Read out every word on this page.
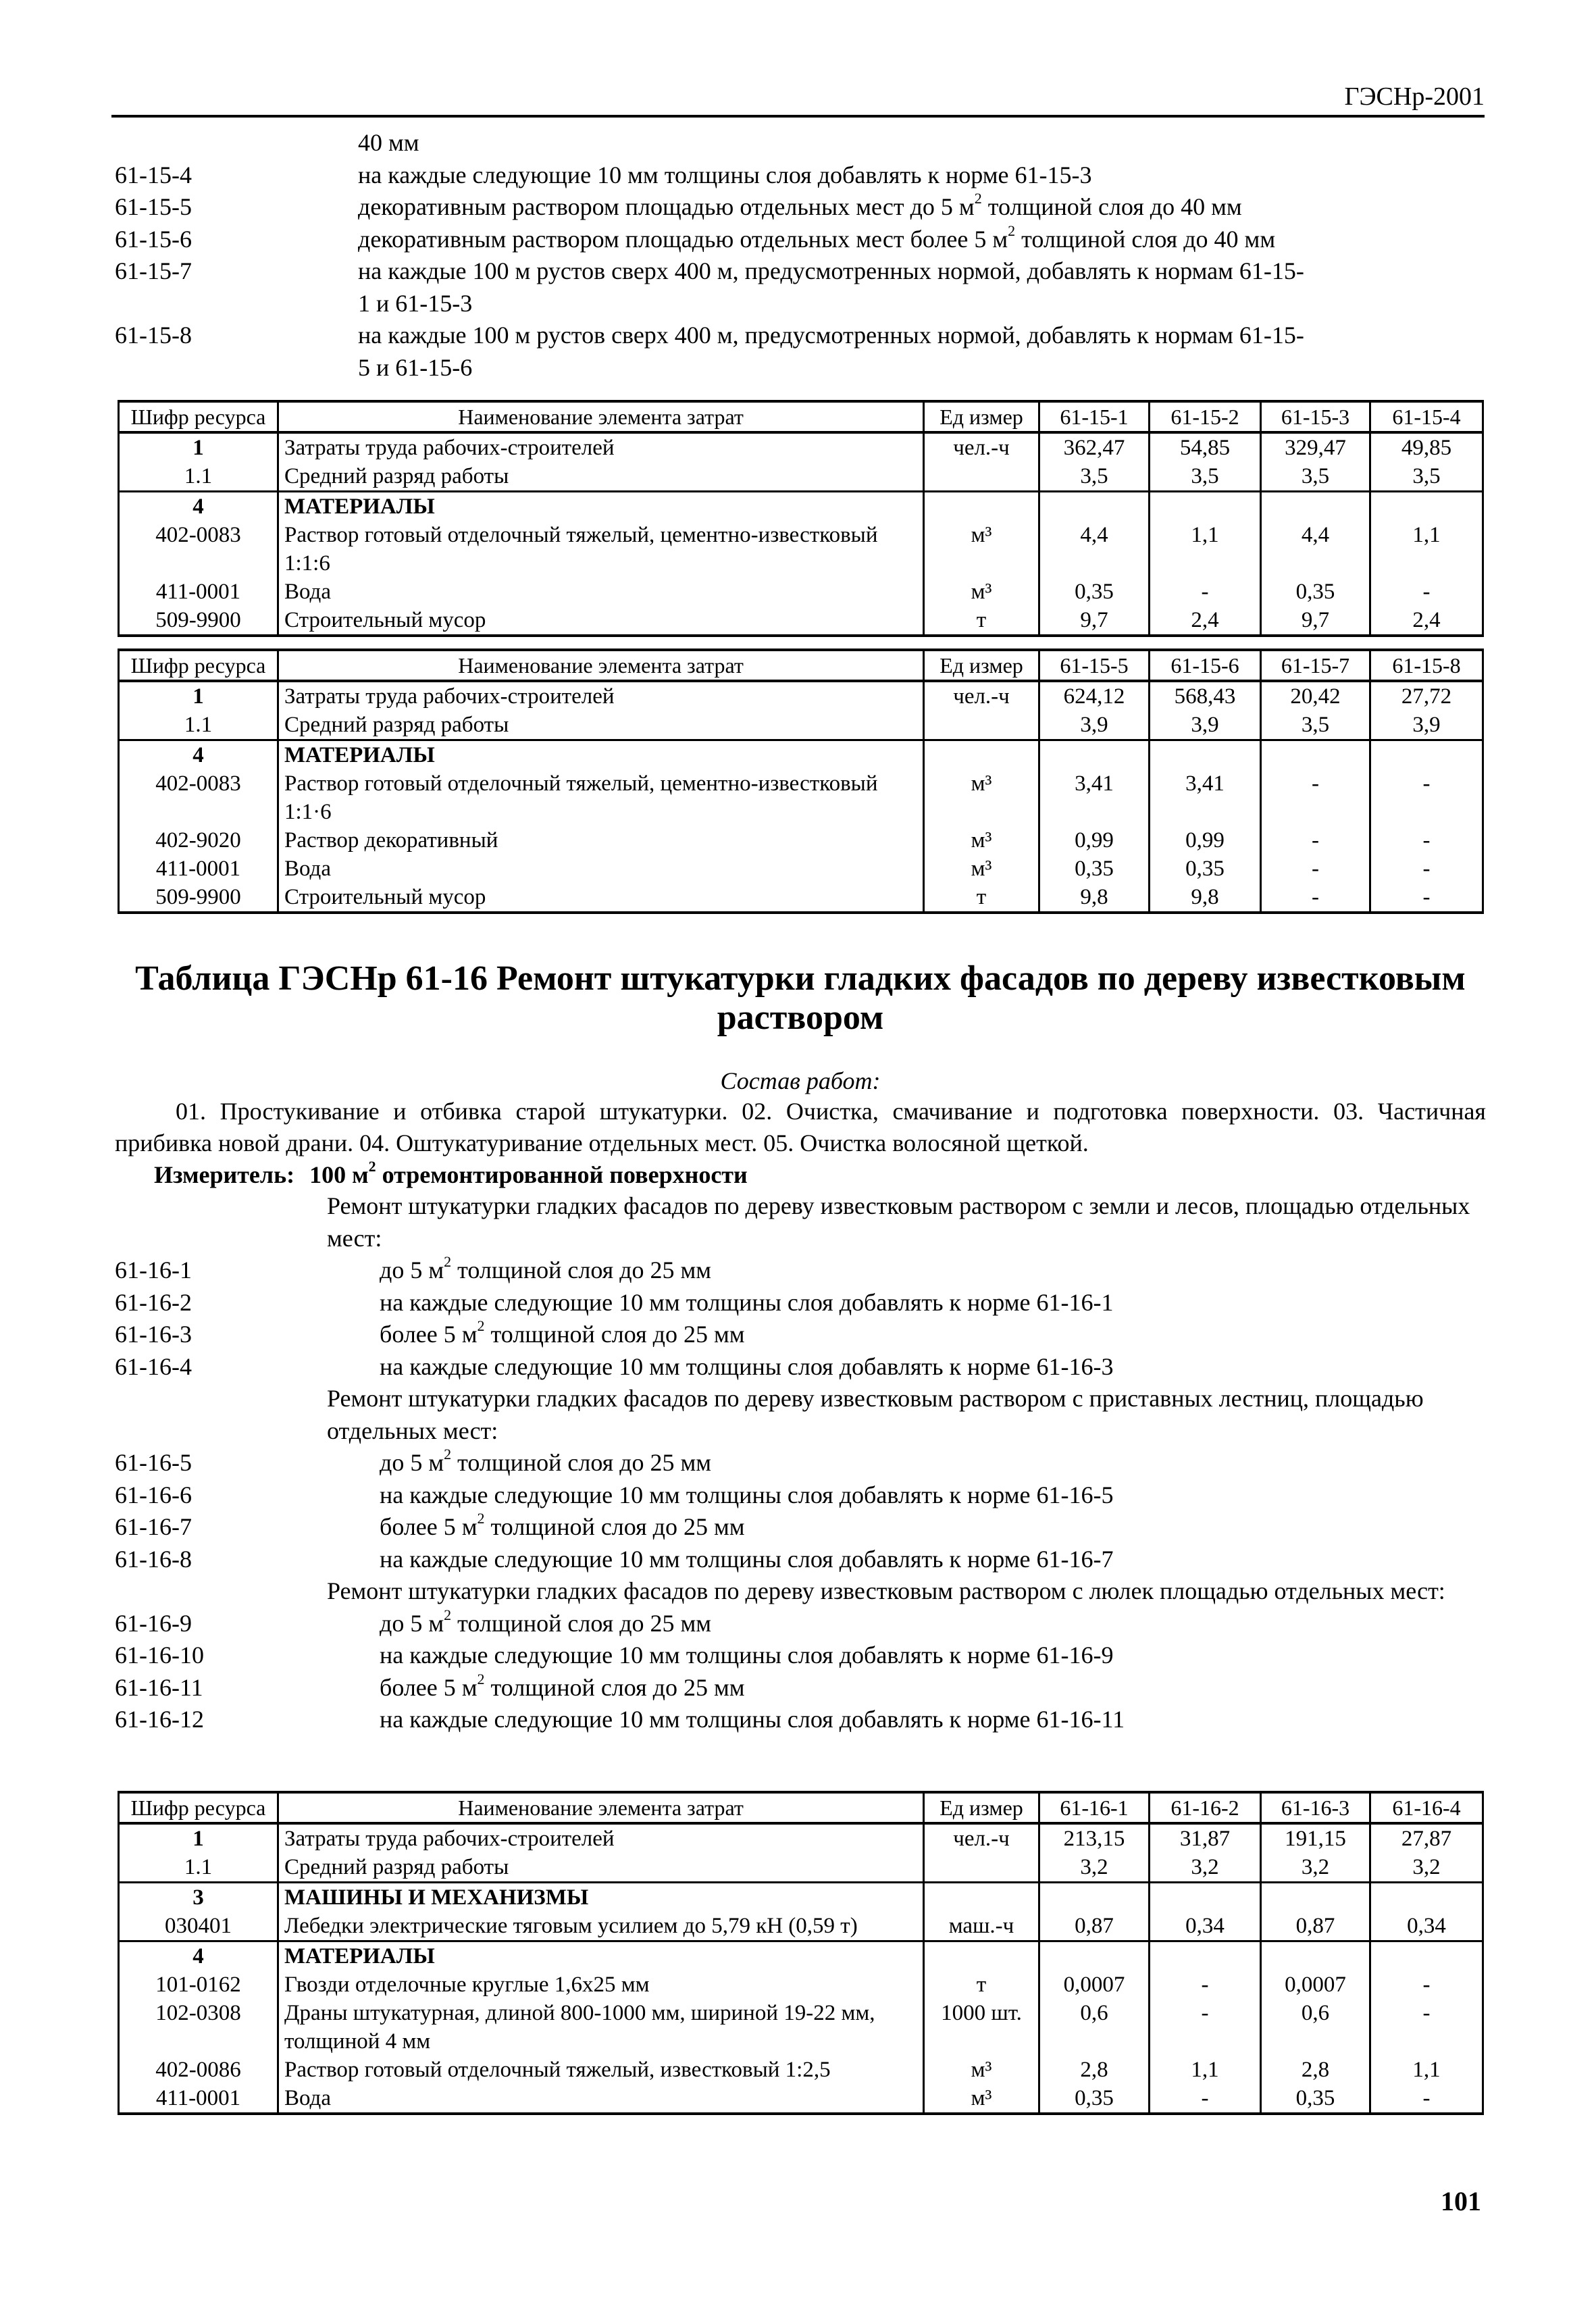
ГЭСНр-2001
40 мм
61-15-4	на каждые следующие 10 мм толщины слоя добавлять к норме 61-15-3
61-15-5	декоративным раствором площадью отдельных мест до 5 $м^2$ толщиной слоя до 40 мм
61-15-6	декоративным раствором площадью отдельных мест более 5 $м^2$ толщиной слоя до 40 мм
61-15-7	на каждые 100 м рустов сверх 400 м, предусмотренных нормой, добавлять к нормам 61-15-
1 и 61-15-3
61-15-8	на каждые 100 м рустов сверх 400 м, предусмотренных нормой, добавлять к нормам 61-15-
5 и 61-15-6
Шифр ресурса	Наименование элемента затрат	Ед измер	61-15-1	61-15-2	61-15-3	61-15-4
1	Затраты труда рабочих-строителей	чел.-ч	362,47	54,85	329,47	49,85
1.1	Средний разряд работы		3,5	3,5	3,5	3,5
4	МАТЕРИАЛЫ					
402-0083	Раствор готовый отделочный тяжелый, цементно-известковый 1:1:6	м³	4,4	1,1	4,4	1,1
411-0001	Вода	м³	0,35	-	0,35	-
509-9900	Строительный мусор	т	9,7	2,4	9,7	2,4
Шифр ресурса	Наименование элемента затрат	Ед измер	61-15-5	61-15-6	61-15-7	61-15-8
1	Затраты труда рабочих-строителей	чел.-ч	624,12	568,43	20,42	27,72
1.1	Средний разряд работы		3,9	3,9	3,5	3,9
4	МАТЕРИАЛЫ					
402-0083	Раствор готовый отделочный тяжелый, цементно-известковый 1:1·6	м³	3,41	3,41	-	-
402-9020	Раствор декоративный	м³	0,99	0,99	-	-
411-0001	Вода	м³	0,35	0,35	-	-
509-9900	Строительный мусор	т	9,8	9,8	-	-
Таблица ГЭСНр 61-16 Ремонт штукатурки гладких фасадов по дереву известковым раствором
Состав работ:
01. Простукивание и отбивка старой штукатурки. 02. Очистка, смачивание и подготовка поверхности. 03. Частичная прибивка новой драни. 04. Оштукатуривание отдельных мест. 05. Очистка волосяной щеткой.
Измеритель: 100 $м^2$ отремонтированной поверхности
Ремонт штукатурки гладких фасадов по дереву известковым раствором с земли и лесов, площадью отдельных мест:
61-16-1	до 5 $м^2$ толщиной слоя до 25 мм
61-16-2	на каждые следующие 10 мм толщины слоя добавлять к норме 61-16-1
61-16-3	более 5 $м^2$ толщиной слоя до 25 мм
61-16-4	на каждые следующие 10 мм толщины слоя добавлять к норме 61-16-3
Ремонт штукатурки гладких фасадов по дереву известковым раствором с приставных лестниц, площадью отдельных мест:
61-16-5	до 5 $м^2$ толщиной слоя до 25 мм
61-16-6	на каждые следующие 10 мм толщины слоя добавлять к норме 61-16-5
61-16-7	более 5 $м^2$ толщиной слоя до 25 мм
61-16-8	на каждые следующие 10 мм толщины слоя добавлять к норме 61-16-7
Ремонт штукатурки гладких фасадов по дереву известковым раствором с люлек площадью отдельных мест:
61-16-9	до 5 $м^2$ толщиной слоя до 25 мм
61-16-10	на каждые следующие 10 мм толщины слоя добавлять к норме 61-16-9
61-16-11	более 5 $м^2$ толщиной слоя до 25 мм
61-16-12	на каждые следующие 10 мм толщины слоя добавлять к норме 61-16-11
Шифр ресурса	Наименование элемента затрат	Ед измер	61-16-1	61-16-2	61-16-3	61-16-4
1	Затраты труда рабочих-строителей	чел.-ч	213,15	31,87	191,15	27,87
1.1	Средний разряд работы		3,2	3,2	3,2	3,2
3	МАШИНЫ И МЕХАНИЗМЫ					
030401	Лебедки электрические тяговым усилием до 5,79 кН (0,59 т)	маш.-ч	0,87	0,34	0,87	0,34
4	МАТЕРИАЛЫ					
101-0162	Гвозди отделочные круглые 1,6x25 мм	т	0,0007	-	0,0007	-
102-0308	Драны штукатурная, длиной 800-1000 мм, шириной 19-22 мм, толщиной 4 мм	1000 шт.	0,6	-	0,6	-
402-0086	Раствор готовый отделочный тяжелый, известковый 1:2,5	м³	2,8	1,1	2,8	1,1
411-0001	Вода	м³	0,35	-	0,35	-
101
